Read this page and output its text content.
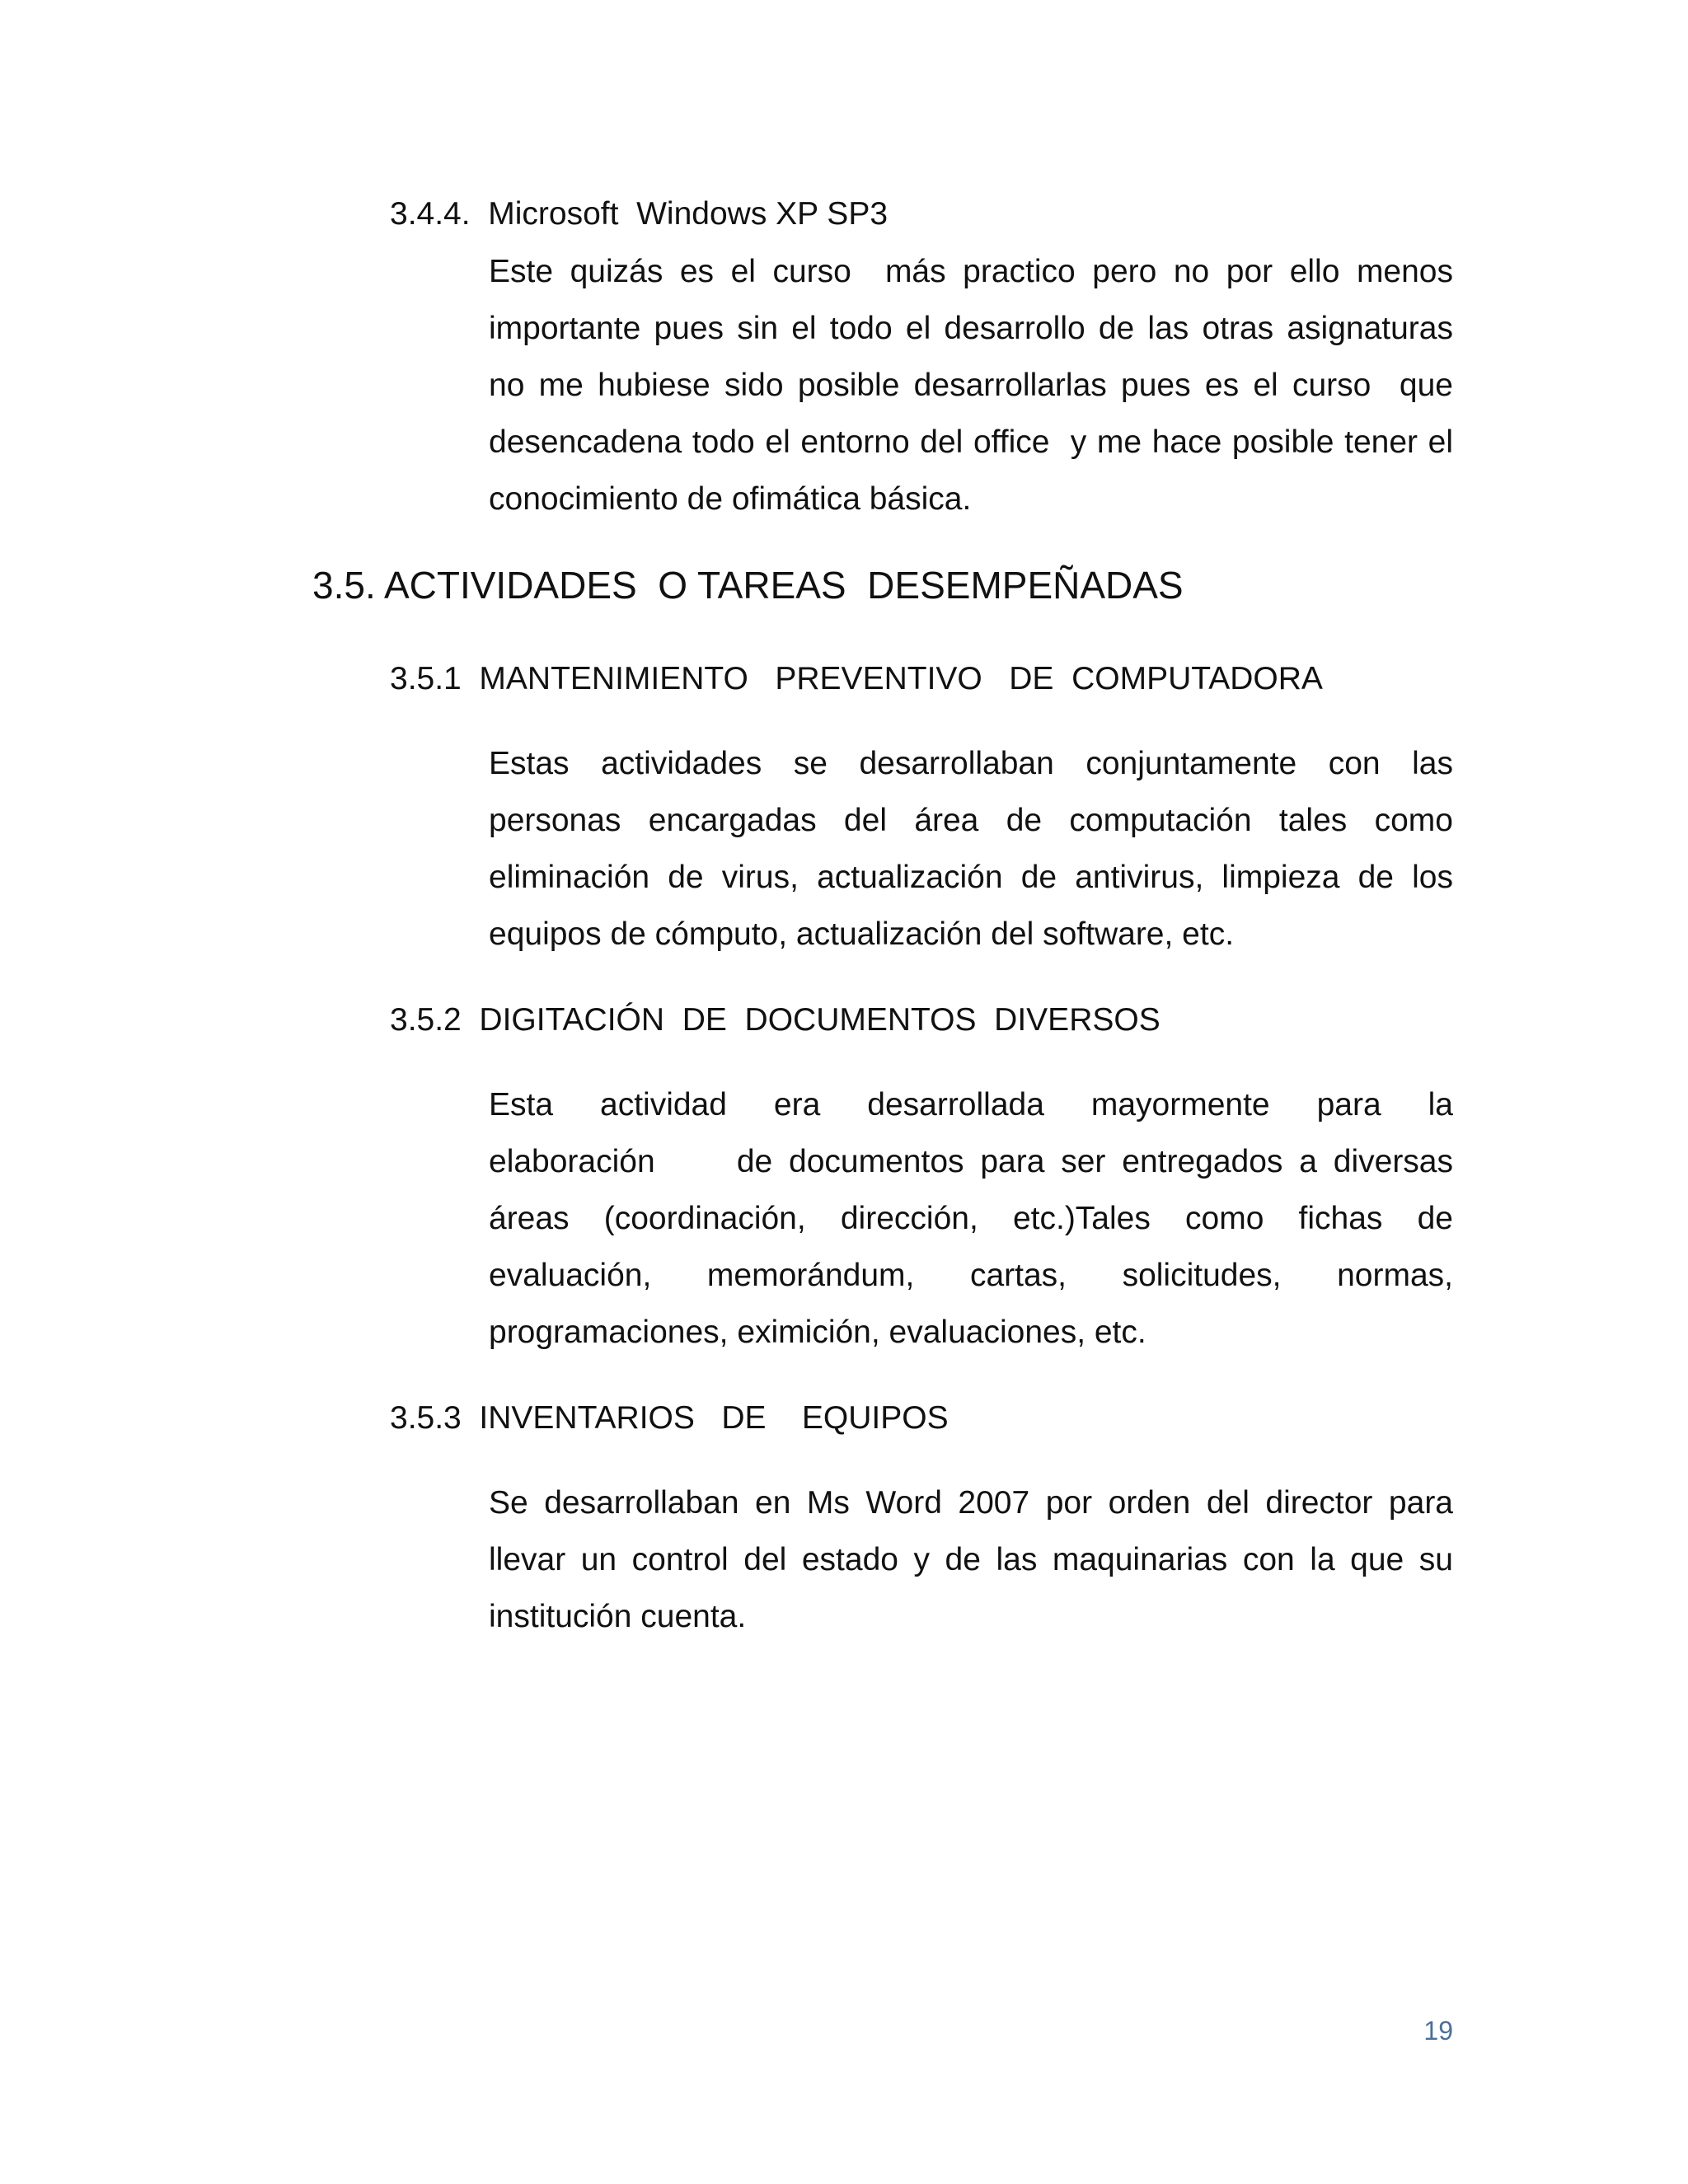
3.4.4.  Microsoft  Windows XP SP3

Este quizás es el curso  más practico pero no por ello menos
importante pues sin el todo el desarrollo de las otras asignaturas
no me hubiese sido posible desarrollarlas pues es el curso  que
desencadena todo el entorno del office  y me hace posible tener el
conocimiento de ofimática básica.

3.5. ACTIVIDADES  O TAREAS  DESEMPEÑADAS

3.5.1  MANTENIMIENTO   PREVENTIVO   DE  COMPUTADORA

Estas actividades se desarrollaban conjuntamente con las
personas encargadas del área de computación tales como
eliminación de virus, actualización de antivirus, limpieza de los
equipos de cómputo, actualización del software, etc.

3.5.2  DIGITACIÓN  DE  DOCUMENTOS  DIVERSOS

Esta actividad era desarrollada mayormente para la
elaboración     de documentos para ser entregados a diversas
áreas (coordinación, dirección, etc.)Tales como fichas de
evaluación, memorándum, cartas, solicitudes, normas,
programaciones, eximición, evaluaciones, etc.

3.5.3  INVENTARIOS   DE    EQUIPOS

Se desarrollaban en Ms Word 2007 por orden del director para
llevar un control del estado y de las maquinarias con la que su
institución cuenta.
19
